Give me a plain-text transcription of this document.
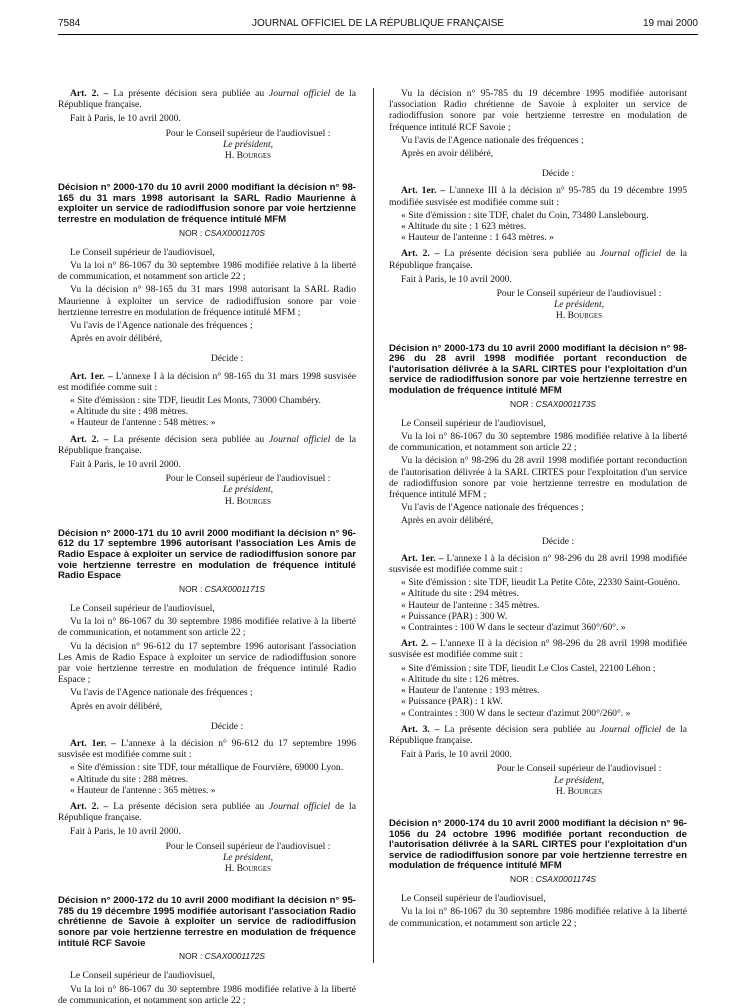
7584	JOURNAL OFFICIEL DE LA RÉPUBLIQUE FRANÇAISE	19 mai 2000

Art. 2. – La présente décision sera publiée au Journal officiel de la République française.

Fait à Paris, le 10 avril 2000.

Pour le Conseil supérieur de l'audiovisuel :
Le président,
H. Bourges
Décision n° 2000-170 du 10 avril 2000 modifiant la décision n° 98-165 du 31 mars 1998 autorisant la SARL Radio Maurienne à exploiter un service de radiodiffusion sonore par voie hertzienne terrestre en modulation de fréquence intitulé MFM
NOR : CSAX0001170S

Le Conseil supérieur de l'audiovisuel,

Vu la loi n° 86-1067 du 30 septembre 1986 modifiée relative à la liberté de communication, et notamment son article 22 ;

Vu la décision n° 98-165 du 31 mars 1998 autorisant la SARL Radio Maurienne à exploiter un service de radiodiffusion sonore par voie hertzienne terrestre en modulation de fréquence intitulé MFM ;

Vu l'avis de l'Agence nationale des fréquences ;

Après en avoir délibéré,

Décide :

Art. 1er. – L'annexe I à la décision n° 98-165 du 31 mars 1998 susvisée est modifiée comme suit :

« Site d'émission : site TDF, lieudit Les Monts, 73000 Chambéry.

« Altitude du site : 498 mètres.

« Hauteur de l'antenne : 548 mètres. »

Art. 2. – La présente décision sera publiée au Journal officiel de la République française.

Fait à Paris, le 10 avril 2000.

Pour le Conseil supérieur de l'audiovisuel :
Le président,
H. Bourges
Décision n° 2000-171 du 10 avril 2000 modifiant la décision n° 96-612 du 17 septembre 1996 autorisant l'association Les Amis de Radio Espace à exploiter un service de radiodiffusion sonore par voie hertzienne terrestre en modulation de fréquence intitulé Radio Espace
NOR : CSAX0001171S

Le Conseil supérieur de l'audiovisuel,

Vu la loi n° 86-1067 du 30 septembre 1986 modifiée relative à la liberté de communication, et notamment son article 22 ;

Vu la décision n° 96-612 du 17 septembre 1996 autorisant l'association Les Amis de Radio Espace à exploiter un service de radiodiffusion sonore par voie hertzienne terrestre en modulation de fréquence intitulé Radio Espace ;

Vu l'avis de l'Agence nationale des fréquences ;

Après en avoir délibéré,

Décide :

Art. 1er. – L'annexe à la décision n° 96-612 du 17 septembre 1996 susvisée est modifiée comme suit :

« Site d'émission : site TDF, tour métallique de Fourvière, 69000 Lyon.

« Altitude du site : 288 mètres.

« Hauteur de l'antenne : 365 mètres. »

Art. 2. – La présente décision sera publiée au Journal officiel de la République française.

Fait à Paris, le 10 avril 2000.

Pour le Conseil supérieur de l'audiovisuel :
Le président,
H. Bourges
Décision n° 2000-172 du 10 avril 2000 modifiant la décision n° 95-785 du 19 décembre 1995 modifiée autorisant l'association Radio chrétienne de Savoie à exploiter un service de radiodiffusion sonore par voie hertzienne terrestre en modulation de fréquence intitulé RCF Savoie
NOR : CSAX0001172S

Le Conseil supérieur de l'audiovisuel,

Vu la loi n° 86-1067 du 30 septembre 1986 modifiée relative à la liberté de communication, et notamment son article 22 ;

Vu la décision n° 95-785 du 19 décembre 1995 modifiée autorisant l'association Radio chrétienne de Savoie à exploiter un service de radiodiffusion sonore par voie hertzienne terrestre en modulation de fréquence intitulé RCF Savoie ;

Vu l'avis de l'Agence nationale des fréquences ;

Après en avoir délibéré,

Décide :

Art. 1er. – L'annexe III à la décision n° 95-785 du 19 décembre 1995 modifiée susvisée est modifiée comme suit :

« Site d'émission : site TDF, chalet du Coin, 73480 Lanslebourg.

« Altitude du site : 1 623 mètres.

« Hauteur de l'antenne : 1 643 mètres. »

Art. 2. – La présente décision sera publiée au Journal officiel de la République française.

Fait à Paris, le 10 avril 2000.

Pour le Conseil supérieur de l'audiovisuel :
Le président,
H. Bourges
Décision n° 2000-173 du 10 avril 2000 modifiant la décision n° 98-296 du 28 avril 1998 modifiée portant reconduction de l'autorisation délivrée à la SARL CIRTES pour l'exploitation d'un service de radiodiffusion sonore par voie hertzienne terrestre en modulation de fréquence intitulé MFM
NOR : CSAX0001173S

Le Conseil supérieur de l'audiovisuel,

Vu la loi n° 86-1067 du 30 septembre 1986 modifiée relative à la liberté de communication, et notamment son article 22 ;

Vu la décision n° 98-296 du 28 avril 1998 modifiée portant reconduction de l'autorisation délivrée à la SARL CIRTES pour l'exploitation d'un service de radiodiffusion sonore par voie hertzienne terrestre en modulation de fréquence intitulé MFM ;

Vu l'avis de l'Agence nationale des fréquences ;

Après en avoir délibéré,

Décide :

Art. 1er. – L'annexe I à la décision n° 98-296 du 28 avril 1998 modifiée susvisée est modifiée comme suit :

« Site d'émission : site TDF, lieudit La Petite Côte, 22330 Saint-Gouëno.

« Altitude du site : 294 mètres.

« Hauteur de l'antenne : 345 mètres.

« Puissance (PAR) : 300 W.

« Contraintes : 100 W dans le secteur d'azimut 360°/60°. »

Art. 2. – L'annexe II à la décision n° 98-296 du 28 avril 1998 modifiée susvisée est modifiée comme suit :

« Site d'émission : site TDF, lieudit Le Clos Castel, 22100 Léhon ;

« Altitude du site : 126 mètres.

« Hauteur de l'antenne : 193 mètres.

« Puissance (PAR) : 1 kW.

« Contraintes : 300 W dans le secteur d'azimut 200°/260°. »

Art. 3. – La présente décision sera publiée au Journal officiel de la République française.

Fait à Paris, le 10 avril 2000.

Pour le Conseil supérieur de l'audiovisuel :
Le président,
H. Bourges
Décision n° 2000-174 du 10 avril 2000 modifiant la décision n° 96-1056 du 24 octobre 1996 modifiée portant reconduction de l'autorisation délivrée à la SARL CIRTES pour l'exploitation d'un service de radiodiffusion sonore par voie hertzienne terrestre en modulation de fréquence intitulé MFM
NOR : CSAX0001174S

Le Conseil supérieur de l'audiovisuel,

Vu la loi n° 86-1067 du 30 septembre 1986 modifiée relative à la liberté de communication, et notamment son article 22 ;
